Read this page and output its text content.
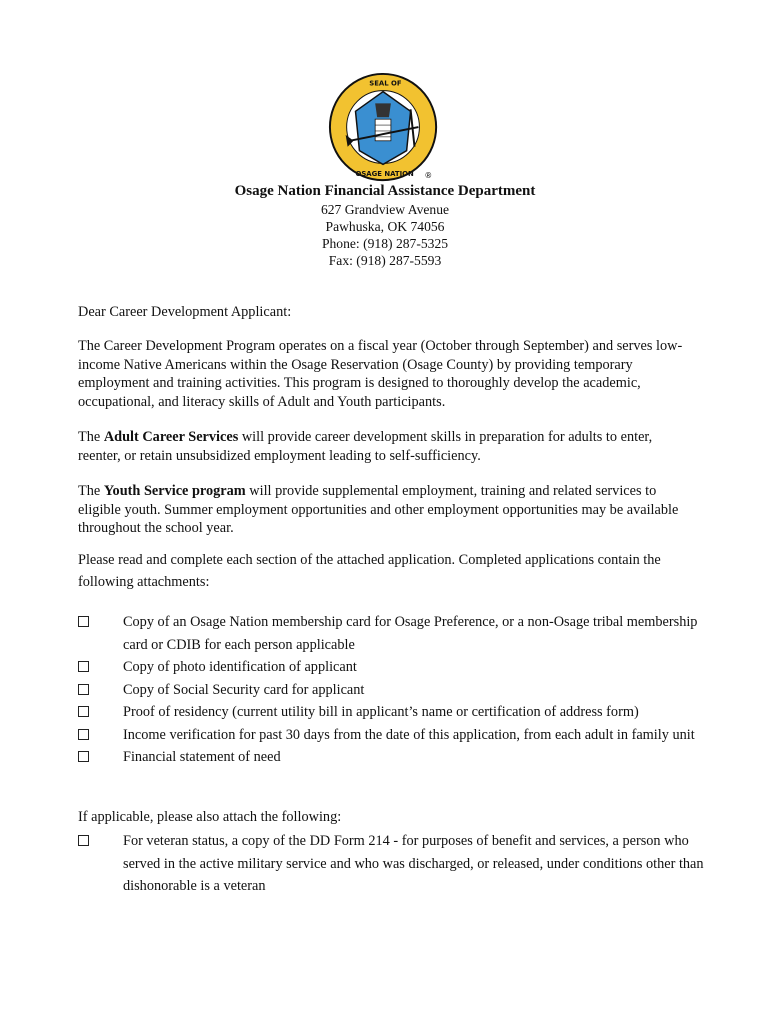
SEAL OF
OSAGE NATION ®
Osage Nation Financial Assistance Department
627 Grandview Avenue
Pawhuska, OK 74056
Phone: (918) 287-5325
Fax: (918) 287-5593
Dear Career Development Applicant:
The Career Development Program operates on a fiscal year (October through September) and serves low-income Native Americans within the Osage Reservation (Osage County) by providing temporary employment and training activities. This program is designed to thoroughly develop the academic, occupational, and literacy skills of Adult and Youth participants.
The Adult Career Services will provide career development skills in preparation for adults to enter, reenter, or retain unsubsidized employment leading to self-sufficiency.
The Youth Service program will provide supplemental employment, training and related services to eligible youth. Summer employment opportunities and other employment opportunities may be available throughout the school year.
Please read and complete each section of the attached application. Completed applications contain the following attachments:
Copy of an Osage Nation membership card for Osage Preference, or a non-Osage tribal membership card or CDIB for each person applicable
Copy of photo identification of applicant
Copy of Social Security card for applicant
Proof of residency (current utility bill in applicant’s name or certification of address form)
Income verification for past 30 days from the date of this application, from each adult in family unit
Financial statement of need
If applicable, please also attach the following:
For veteran status, a copy of the DD Form 214 - for purposes of benefit and services, a person who served in the active military service and who was discharged, or released, under conditions other than dishonorable is a veteran
